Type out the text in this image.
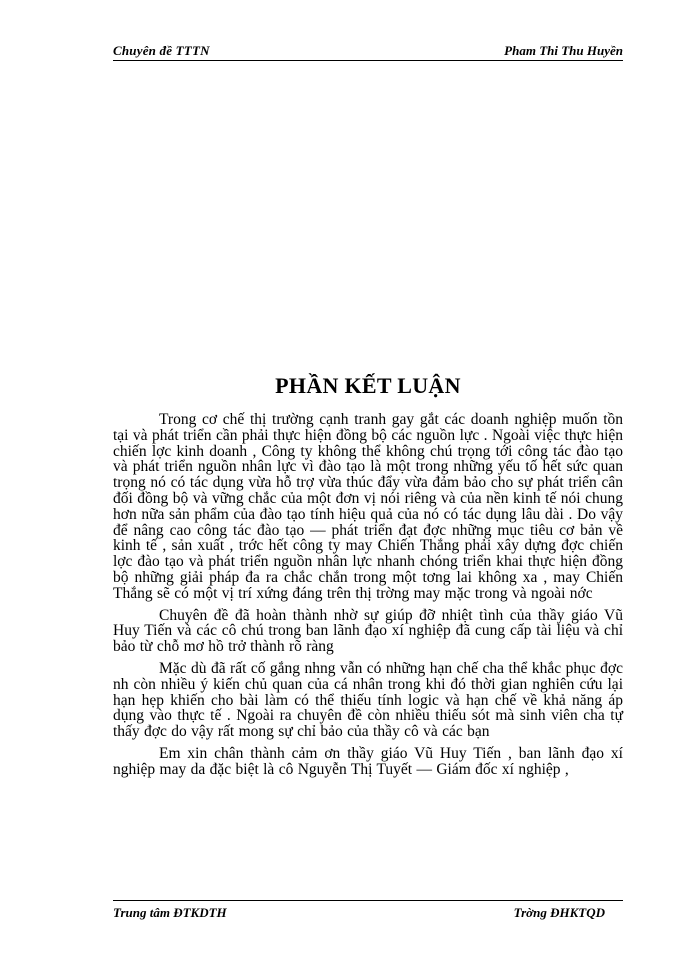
Chuyên đề TTTN	Pham Thi Thu Huyền
PHẦN KẾT LUẬN

Trong cơ chế thị trường cạnh tranh gay gắt các doanh nghiệp muốn tồn tại và phát triển cần phải thực hiện đồng bộ các nguồn lực . Ngoài việc thực hiện chiến lợc kinh doanh , Công ty không thể không chú trọng tới công tác đào tạo và phát triển nguồn nhân lực vì đào tạo là một trong những yếu tố hết sức quan trọng nó có tác dụng vừa hỗ trợ vừa thúc đẩy vừa đảm bảo cho sự phát triển cân đối đồng bộ và vững chắc của một đơn vị nói riêng và của nền kinh tế nói chung hơn nữa sản phẩm của đào tạo tính hiệu quả của nó có tác dụng lâu dài . Do vậy để nâng cao công tác đào tạo — phát triển đạt đợc những mục tiêu cơ bản về kinh tế , sản xuất , trớc hết công ty may Chiến Thắng phải xây dựng đợc chiến lợc đào tạo và phát triển nguồn nhân lực nhanh chóng triển khai thực hiện đồng bộ những giải pháp đa ra chắc chắn trong một tơng lai không xa , may Chiến Thắng sẽ có một vị trí xứng đáng trên thị trờng may mặc trong và ngoài nớc

Chuyên đề đã hoàn thành nhờ sự giúp đỡ nhiệt tình của thầy giáo Vũ Huy Tiến và các cô chú trong ban lãnh đạo xí nghiệp đã cung cấp tài liệu và chỉ bảo từ chỗ mơ hồ trở thành rõ ràng

Mặc dù đã rất cố gắng nhng vẫn có những hạn chế cha thể khắc phục đợc nh còn nhiều ý kiến chủ quan của cá nhân trong khi đó thời gian nghiên cứu lại hạn hẹp khiến cho bài làm có thể thiếu tính logic và hạn chế về khả năng áp dụng vào thực tế . Ngoài ra chuyên đề còn nhiều thiếu sót mà sinh viên cha tự thấy đợc do vậy rất mong sự chỉ bảo của thầy cô và các bạn

Em xin chân thành cảm ơn thầy giáo Vũ Huy Tiến , ban lãnh đạo xí nghiệp may da đặc biệt là cô Nguyễn Thị Tuyết — Giám đốc xí nghiệp ,

Trung tâm ĐTKDTH	Trờng ĐHKTQD
